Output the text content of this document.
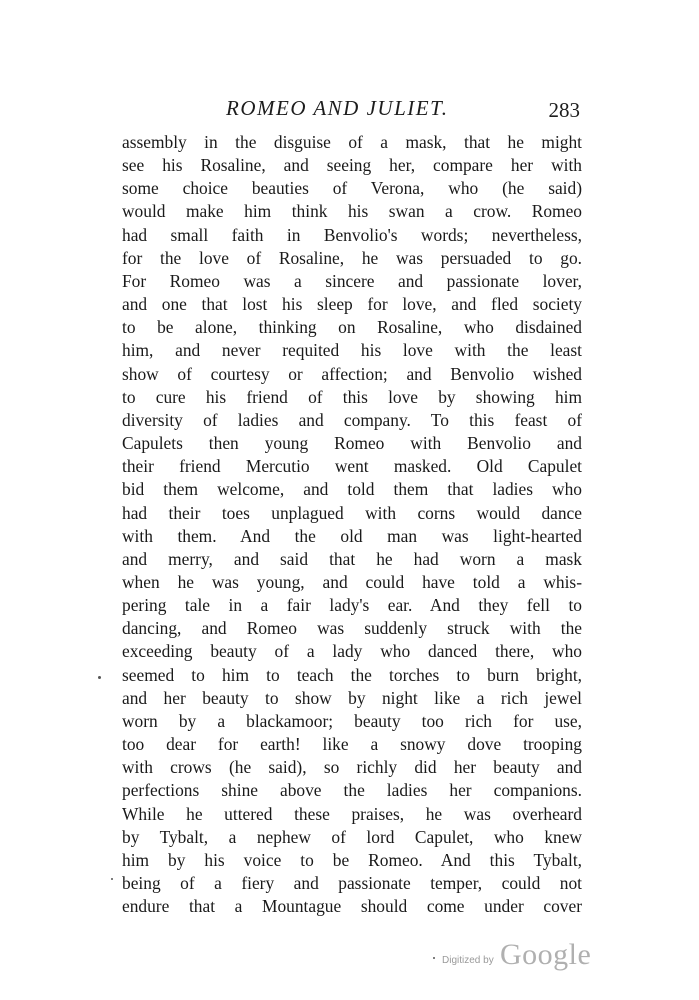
ROMEO AND JULIET.	283
assembly in the disguise of a mask, that he might
see his Rosaline, and seeing her, compare her with
some choice beauties of Verona, who (he said)
would make him think his swan a crow. Romeo
had small faith in Benvolio's words; nevertheless,
for the love of Rosaline, he was persuaded to go.
For Romeo was a sincere and passionate lover,
and one that lost his sleep for love, and fled society
to be alone, thinking on Rosaline, who disdained
him, and never requited his love with the least
show of courtesy or affection; and Benvolio wished
to cure his friend of this love by showing him
diversity of ladies and company. To this feast of
Capulets then young Romeo with Benvolio and
their friend Mercutio went masked. Old Capulet
bid them welcome, and told them that ladies who
had their toes unplagued with corns would dance
with them. And the old man was light-hearted
and merry, and said that he had worn a mask
when he was young, and could have told a whis-
pering tale in a fair lady's ear. And they fell to
dancing, and Romeo was suddenly struck with the
exceeding beauty of a lady who danced there, who
seemed to him to teach the torches to burn bright,
and her beauty to show by night like a rich jewel
worn by a blackamoor; beauty too rich for use,
too dear for earth! like a snowy dove trooping
with crows (he said), so richly did her beauty and
perfections shine above the ladies her companions.
While he uttered these praises, he was overheard
by Tybalt, a nephew of lord Capulet, who knew
him by his voice to be Romeo. And this Tybalt,
being of a fiery and passionate temper, could not
endure that a Mountague should come under cover
Digitized by Google
